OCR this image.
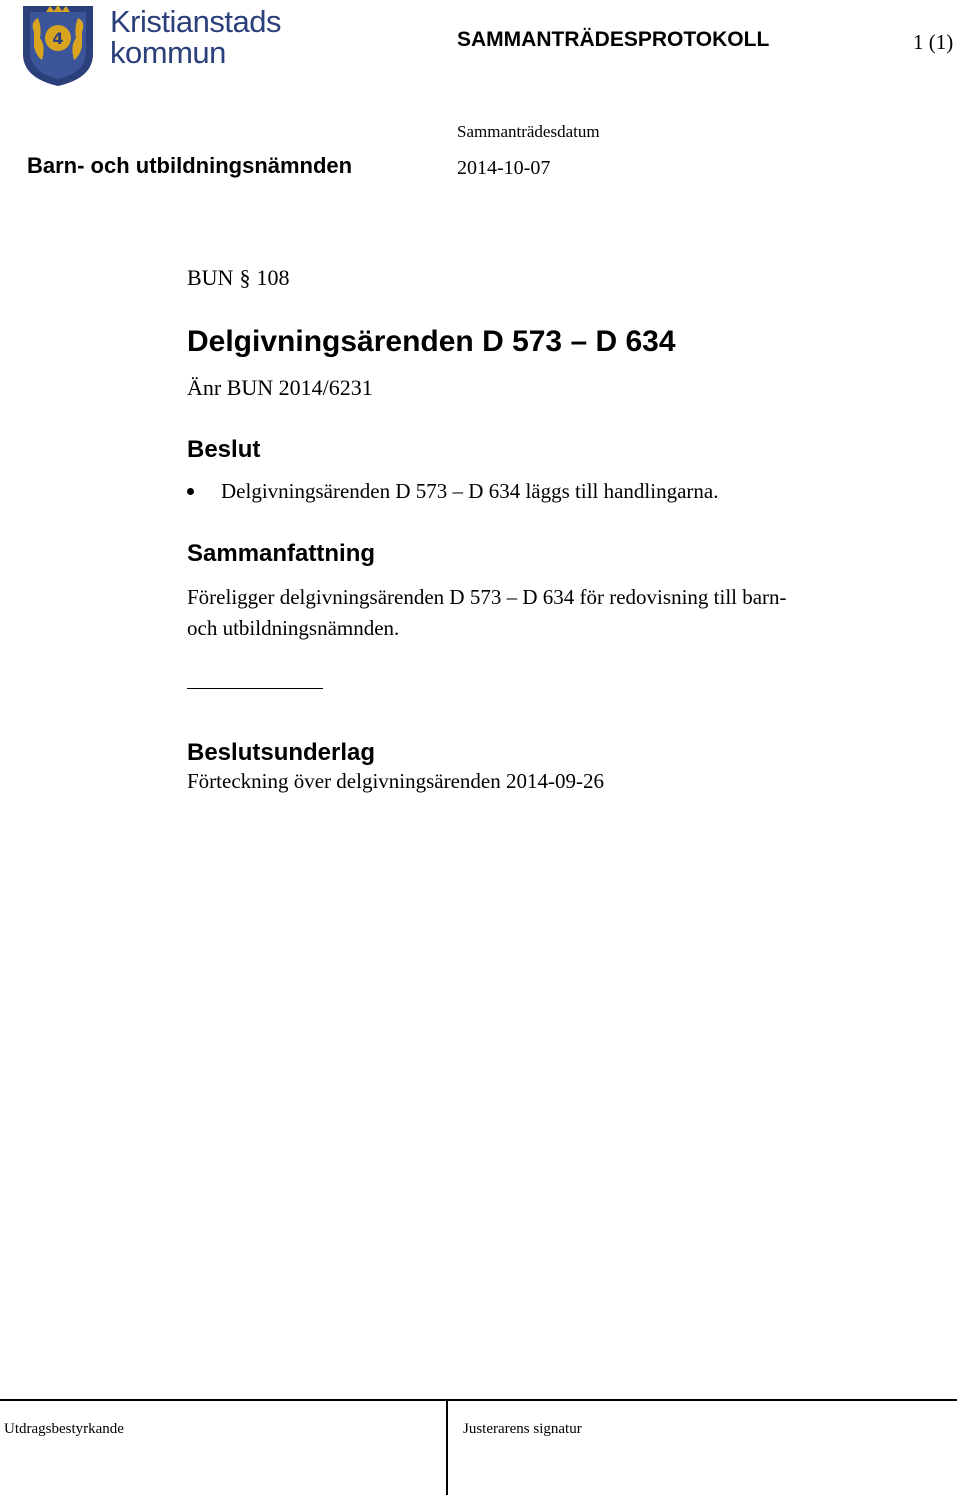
4 Kristianstads
kommun	SAMMANTRÄDESPROTOKOLL	1 (1)
Sammanträdesdatum
2014-10-07
Barn- och utbildningsnämnden
BUN § 108
Delgivningsärenden D 573 – D 634
Änr BUN 2014/6231
Beslut
Delgivningsärenden D 573 – D 634 läggs till handlingarna.
Sammanfattning
Föreligger delgivningsärenden D 573 – D 634 för redovisning till barn-
och utbildningsnämnden.
Beslutsunderlag
Förteckning över delgivningsärenden 2014-09-26
Utdragsbestyrkande	Justerarens signatur
